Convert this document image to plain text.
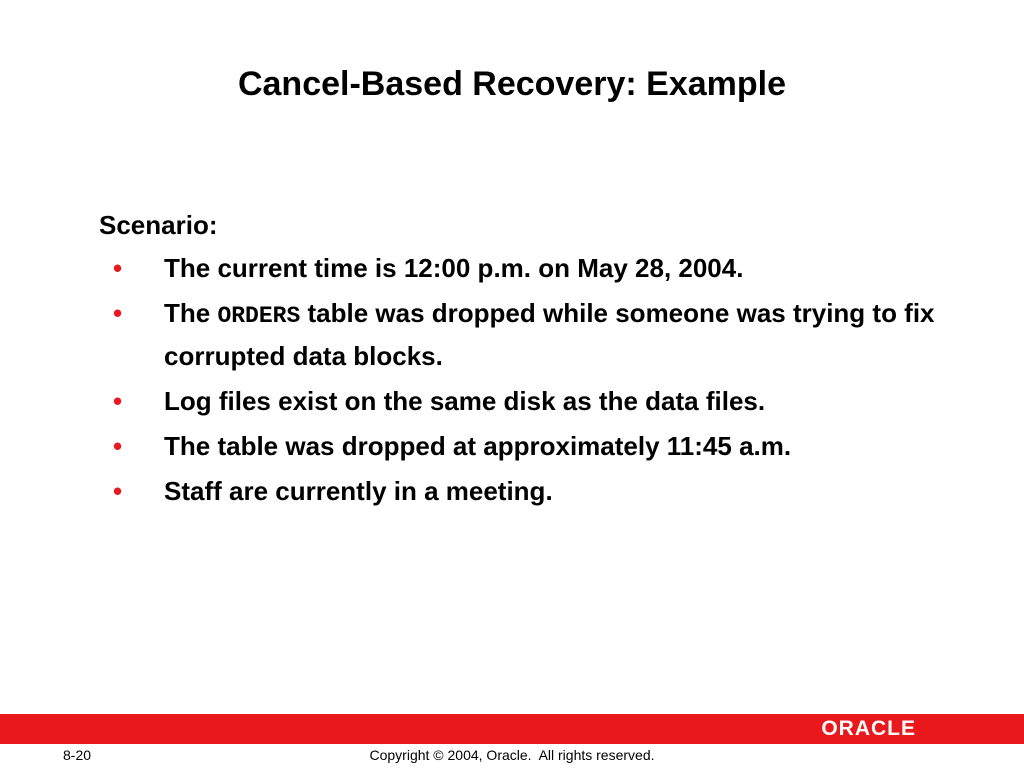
Cancel-Based Recovery: Example
Scenario:
• The current time is 12:00 p.m. on May 28, 2004.
• The ORDERS table was dropped while someone was trying to fix corrupted data blocks.
• Log files exist on the same disk as the data files.
• The table was dropped at approximately 11:45 a.m.
• Staff are currently in a meeting.
ORACLE
8-20	Copyright © 2004, Oracle.  All rights reserved.
